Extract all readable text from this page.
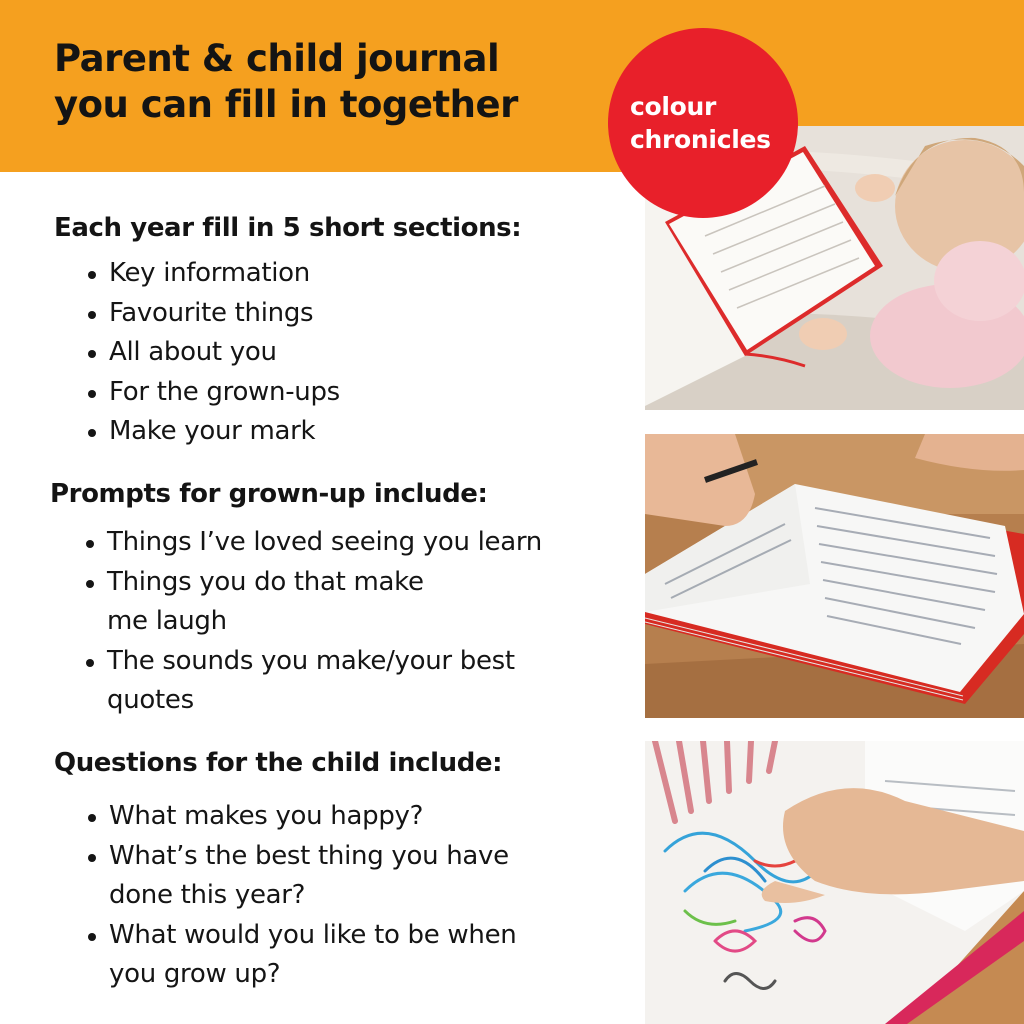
Parent & child journal
you can fill in together	colour
chronicles
Each year fill in 5 short sections:
Key information
Favourite things
All about you
For the grown-ups
Make your mark
Prompts for grown-up include:
Things I’ve loved seeing you learn
Things you do that make
me laugh
The sounds you make/your best
quotes
Questions for the child include:
What makes you happy?
What’s the best thing you have
done this year?
What would you like to be when
you grow up?
